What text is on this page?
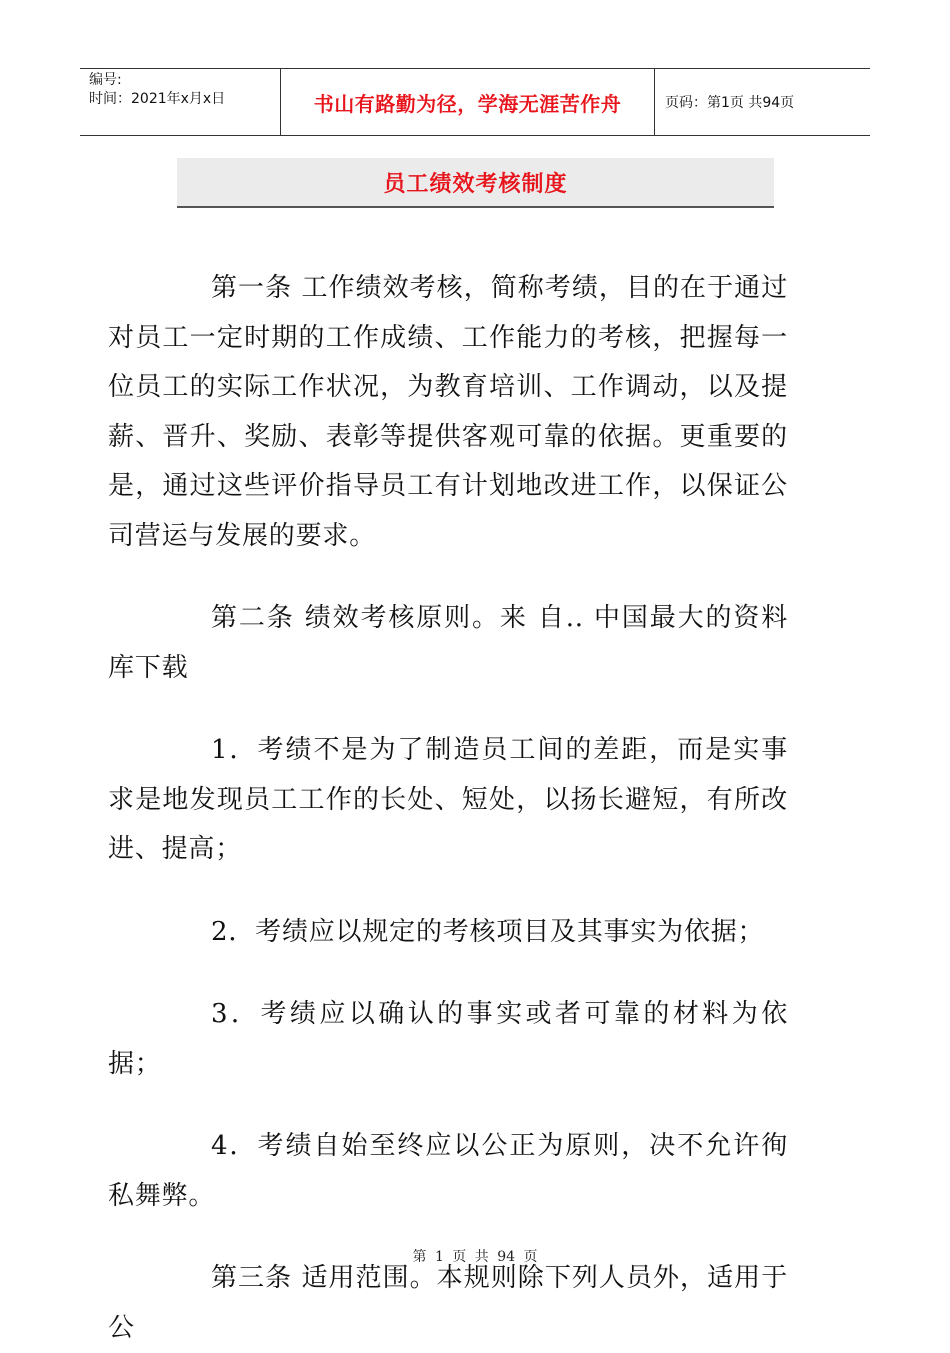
编号:
时间：2021年x月x日	书山有路勤为径，学海无涯苦作舟	页码：第1页 共94页
员工绩效考核制度

第一条 工作绩效考核，简称考绩，目的在于通过对员工一定时期的工作成绩、工作能力的考核，把握每一位员工的实际工作状况，为教育培训、工作调动，以及提薪、晋升、奖励、表彰等提供客观可靠的依据。更重要的是，通过这些评价指导员工有计划地改进工作，以保证公司营运与发展的要求。

第二条 绩效考核原则。来 自.. 中国最大的资料库下载

1．考绩不是为了制造员工间的差距，而是实事求是地发现员工工作的长处、短处，以扬长避短，有所改进、提高；

2．考绩应以规定的考核项目及其事实为依据；

3．考绩应以确认的事实或者可靠的材料为依据；

4．考绩自始至终应以公正为原则，决不允许徇私舞弊。

第三条 适用范围。本规则除下列人员外，适用于公

第 1 页 共 94 页
